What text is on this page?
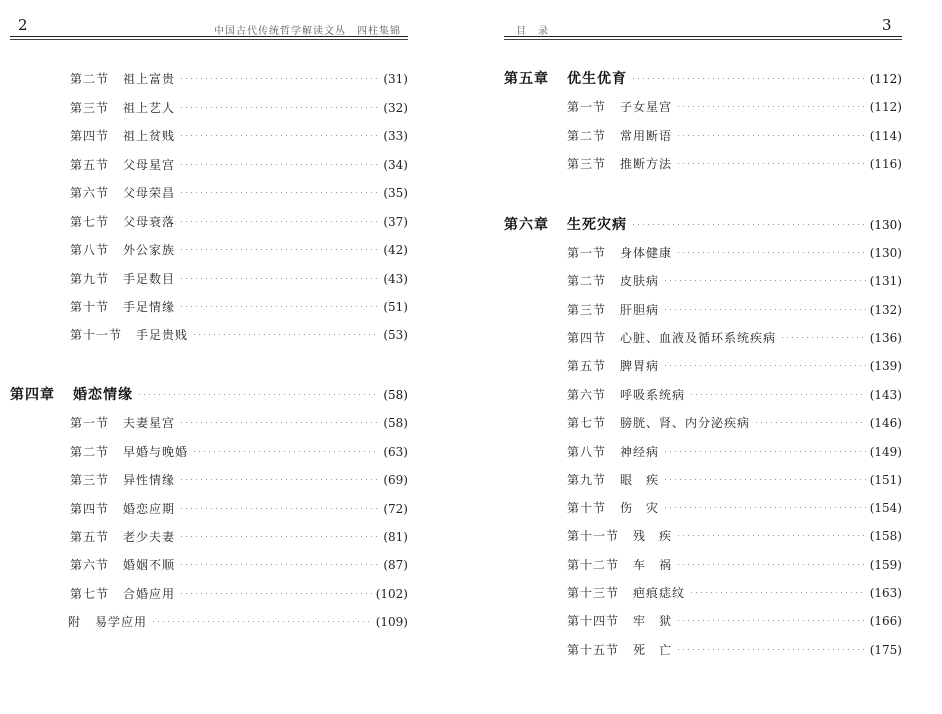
2	中国古代传统哲学解读文丛　四柱集锦
第二节 祖上富贵	(31)
第三节 祖上艺人	(32)
第四节 祖上贫贱	(33)
第五节 父母星宫	(34)
第六节 父母荣昌	(35)
第七节 父母衰落	(37)
第八节 外公家族	(42)
第九节 手足数目	(43)
第十节 手足情缘	(51)
第十一节 手足贵贱	(53)
第四章 婚恋情缘	(58)
第一节 夫妻星宫	(58)
第二节 早婚与晚婚	(63)
第三节 异性情缘	(69)
第四节 婚恋应期	(72)
第五节 老少夫妻	(81)
第六节 婚姻不顺	(87)
第七节 合婚应用	(102)
附 易学应用	(109)
目　录	3
第五章 优生优育	(112)
第一节 子女星宫	(112)
第二节 常用断语	(114)
第三节 推断方法	(116)
第六章 生死灾病	(130)
第一节 身体健康	(130)
第二节 皮肤病	(131)
第三节 肝胆病	(132)
第四节 心脏、血液及循环系统疾病	(136)
第五节 脾胃病	(139)
第六节 呼吸系统病	(143)
第七节 膀胱、肾、内分泌疾病	(146)
第八节 神经病	(149)
第九节 眼　疾	(151)
第十节 伤　灾	(154)
第十一节 残　疾	(158)
第十二节 车　祸	(159)
第十三节 疤痕痣纹	(163)
第十四节 牢　狱	(166)
第十五节 死　亡	(175)
